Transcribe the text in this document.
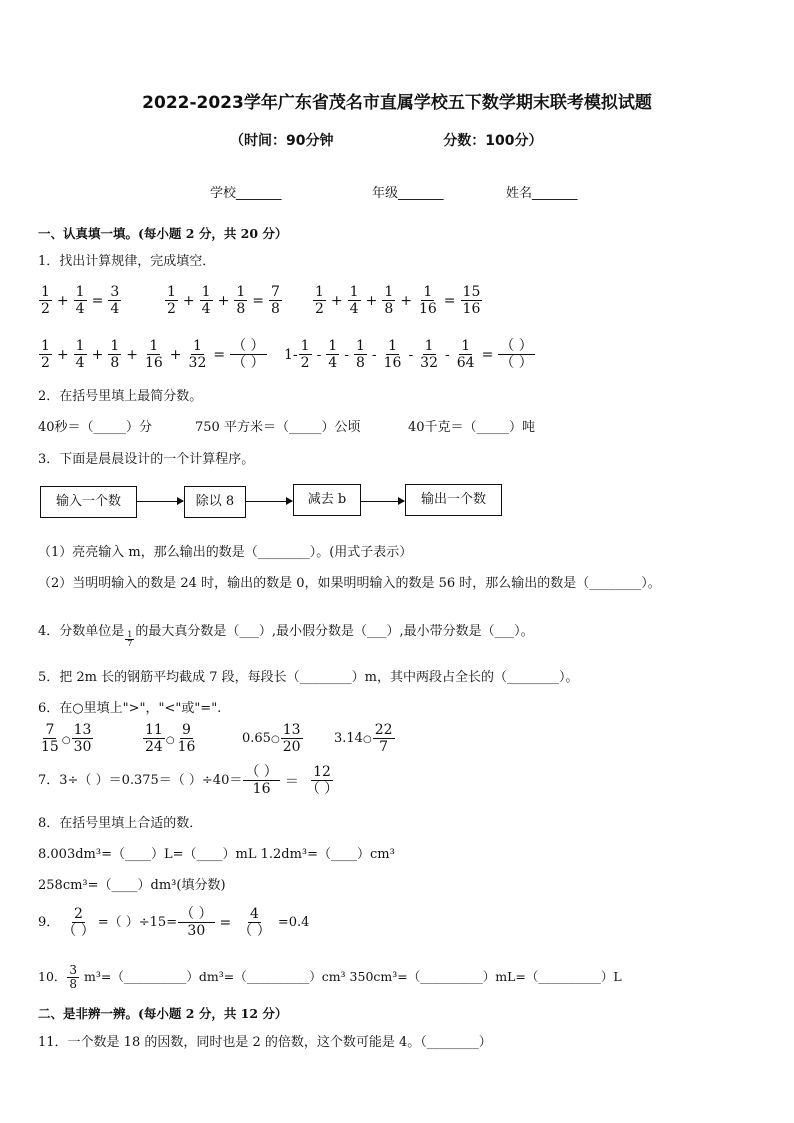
2022-2023学年广东省茂名市直属学校五下数学期末联考模拟试题
（时间：90分钟	分数：100分）
学校_______	年级_______	姓名_______
一、认真填一填。(每小题 2 分，共 20 分）
1．找出计算规律，完成填空．
$\frac{1}{2} + \frac{1}{4} = \frac{3}{4}$	$\frac{1}{2} + \frac{1}{4} + \frac{1}{8} = \frac{7}{8} \frac{1}{2} + \frac{1}{4} + \frac{1}{8} + \frac{1}{16} = \frac{15}{16}$
$\frac{1}{2} + \frac{1}{4} + \frac{1}{8} + \frac{1}{16} + \frac{1}{32} = \frac{( )}{( )} 1- \frac{1}{2} - \frac{1}{4} - \frac{1}{8} - \frac{1}{16} - \frac{1}{32} - \frac{1}{64} = \frac{( )}{( )}$
2．在括号里填上最简分数。
40秒＝（_____）分	750 平方米＝（_____）公顷	40千克＝（_____）吨
3．下面是晨晨设计的一个计算程序。
输入一个数	除以 8	减去 b	输出一个数
（1）亮亮输入 m，那么输出的数是（________）。(用式子表示）
（2）当明明输入的数是 24 时，输出的数是 0，如果明明输入的数是 56 时，那么输出的数是（________）。
4．分数单位是 $\frac{1}{7}$ 的最大真分数是（___）,最小假分数是（___）,最小带分数是（___）。
5．把 2m 长的钢筋平均截成 7 段，每段长（________）m，其中两段占全长的（________）。
6．在○里填上">"，"<"或"=".
$\frac{7}{15}$ ○ $\frac{13}{30}$	$\frac{11}{24}$ ○ $\frac{9}{16}$	0.65○ $\frac{13}{20}$ 3.14○ $\frac{22}{7}$
7．3÷（ ）＝0.375＝（ ）$\div 40= \frac{( )}{16} = \frac{12}{( )}$
8．在括号里填上合适的数．
8.003dm³=（____）L=（____）mL 1.2dm³=（____）cm³
258cm³=（____）dm³(填分数)
9． $\frac{2}{( )}$ =（ ）$\div 15= \frac{( )}{30} = \frac{4}{( )} =0.4$
10． $\frac{3}{8}$ m³=（__________）dm³=（__________）cm³ 350cm³=（__________）mL=（__________）L
二、是非辨一辨。(每小题 2 分，共 12 分）
11．一个数是 18 的因数，同时也是 2 的倍数，这个数可能是 4。（________）
